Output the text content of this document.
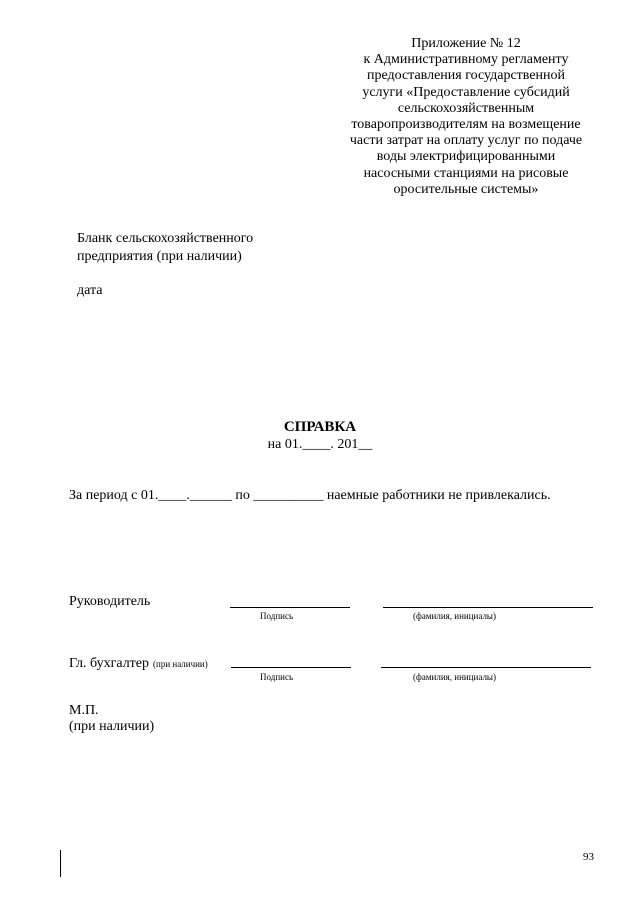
Приложение № 12
к Административному регламенту
предоставления государственной
услуги «Предоставление субсидий
сельскохозяйственным
товаропроизводителям на возмещение
части затрат на оплату услуг по подаче
воды электрифицированными
насосными станциями на рисовые
оросительные системы»
Бланк сельскохозяйственного
предприятия (при наличии)
дата
СПРАВКА
на 01.____. 201__
За период с 01.____.______ по __________ наемные работники не привлекались.
Руководитель
Подпись	(фамилия, инициалы)
Гл. бухгалтер (при наличии)
Подпись	(фамилия, инициалы)
М.П.
(при наличии)
93
